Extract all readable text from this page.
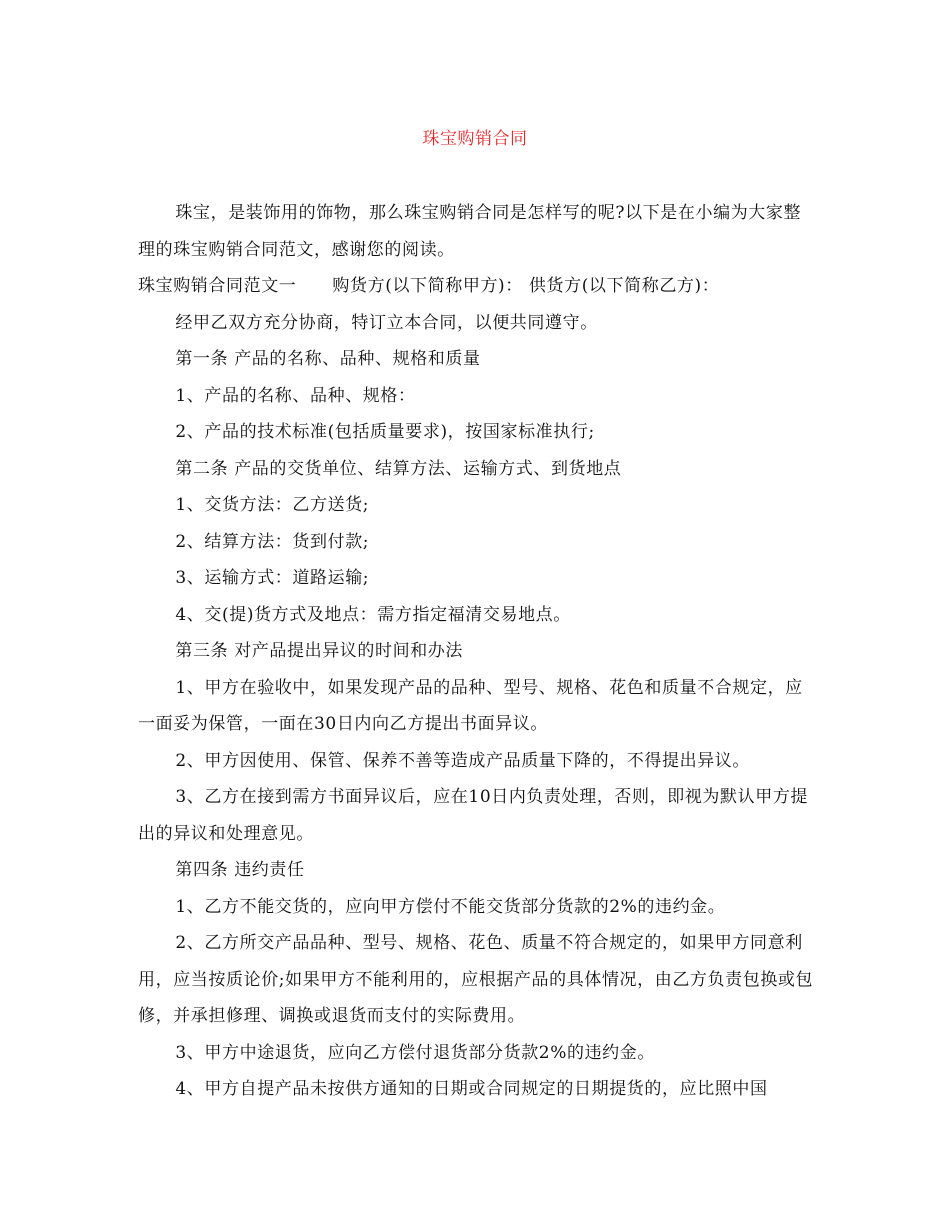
珠宝购销合同

珠宝，是装饰用的饰物，那么珠宝购销合同是怎样写的呢?以下是在小编为大家整理的珠宝购销合同范文，感谢您的阅读。

珠宝购销合同范文一 购货方(以下简称甲方)： 供货方(以下简称乙方)：

经甲乙双方充分协商，特订立本合同，以便共同遵守。

第一条 产品的名称、品种、规格和质量

1、产品的名称、品种、规格：

2、产品的技术标准(包括质量要求)，按国家标准执行;

第二条 产品的交货单位、结算方法、运输方式、到货地点

1、交货方法：乙方送货;

2、结算方法：货到付款;

3、运输方式：道路运输;

4、交(提)货方式及地点：需方指定福清交易地点。

第三条 对产品提出异议的时间和办法

1、甲方在验收中，如果发现产品的品种、型号、规格、花色和质量不合规定，应一面妥为保管，一面在30日内向乙方提出书面异议。

2、甲方因使用、保管、保养不善等造成产品质量下降的，不得提出异议。

3、乙方在接到需方书面异议后，应在10日内负责处理，否则，即视为默认甲方提出的异议和处理意见。

第四条 违约责任

1、乙方不能交货的，应向甲方偿付不能交货部分货款的2%的违约金。

2、乙方所交产品品种、型号、规格、花色、质量不符合规定的，如果甲方同意利用，应当按质论价;如果甲方不能利用的，应根据产品的具体情况，由乙方负责包换或包修，并承担修理、调换或退货而支付的实际费用。

3、甲方中途退货，应向乙方偿付退货部分货款2%的违约金。

4、甲方自提产品未按供方通知的日期或合同规定的日期提货的，应比照中国
